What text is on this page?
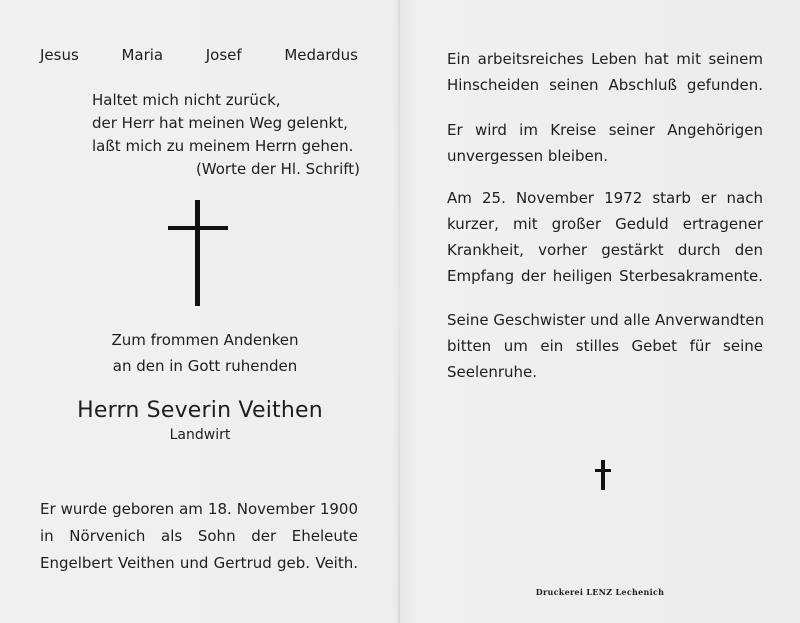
Jesus	Maria	Josef	Medardus
Haltet mich nicht zurück,
der Herr hat meinen Weg gelenkt,
laßt mich zu meinem Herrn gehen.
(Worte der Hl. Schrift)
Zum frommen Andenken
an den in Gott ruhenden
Herrn Severin Veithen
Landwirt
Er wurde geboren am 18. November 1900
in Nörvenich als Sohn der Eheleute
Engelbert Veithen und Gertrud geb. Veith.
Ein arbeitsreiches Leben hat mit seinem
Hinscheiden seinen Abschluß gefunden.
Er wird im Kreise seiner Angehörigen
unvergessen bleiben.
Am 25. November 1972 starb er nach
kurzer, mit großer Geduld ertragener
Krankheit, vorher gestärkt durch den
Empfang der heiligen Sterbesakramente.
Seine Geschwister und alle Anverwandten
bitten um ein stilles Gebet für seine
Seelenruhe.
Druckerei LENZ Lechenich
